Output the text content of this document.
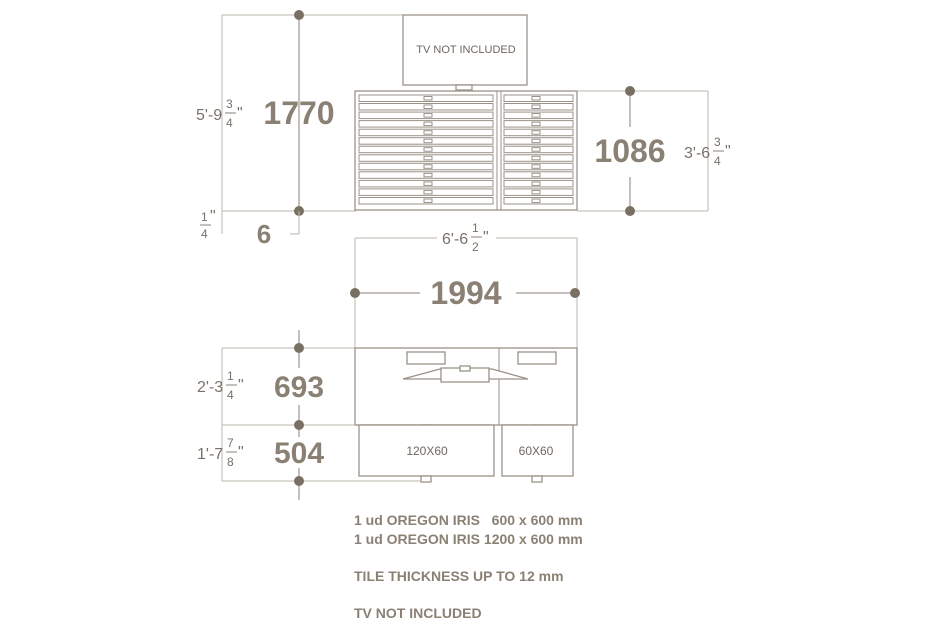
1770
5'-9
3
4
"
6
1
4
"
TV NOT INCLUDED
1086 3'-6
3
4
"
6'-6
1
2
"
1994
120X60	60X60
693
2'-3
1
4
"
504
1'-7
7
8
"
1 ud OREGON IRIS   600 x 600 mm
1 ud OREGON IRIS 1200 x 600 mm
TILE THICKNESS UP TO 12 mm
TV NOT INCLUDED
